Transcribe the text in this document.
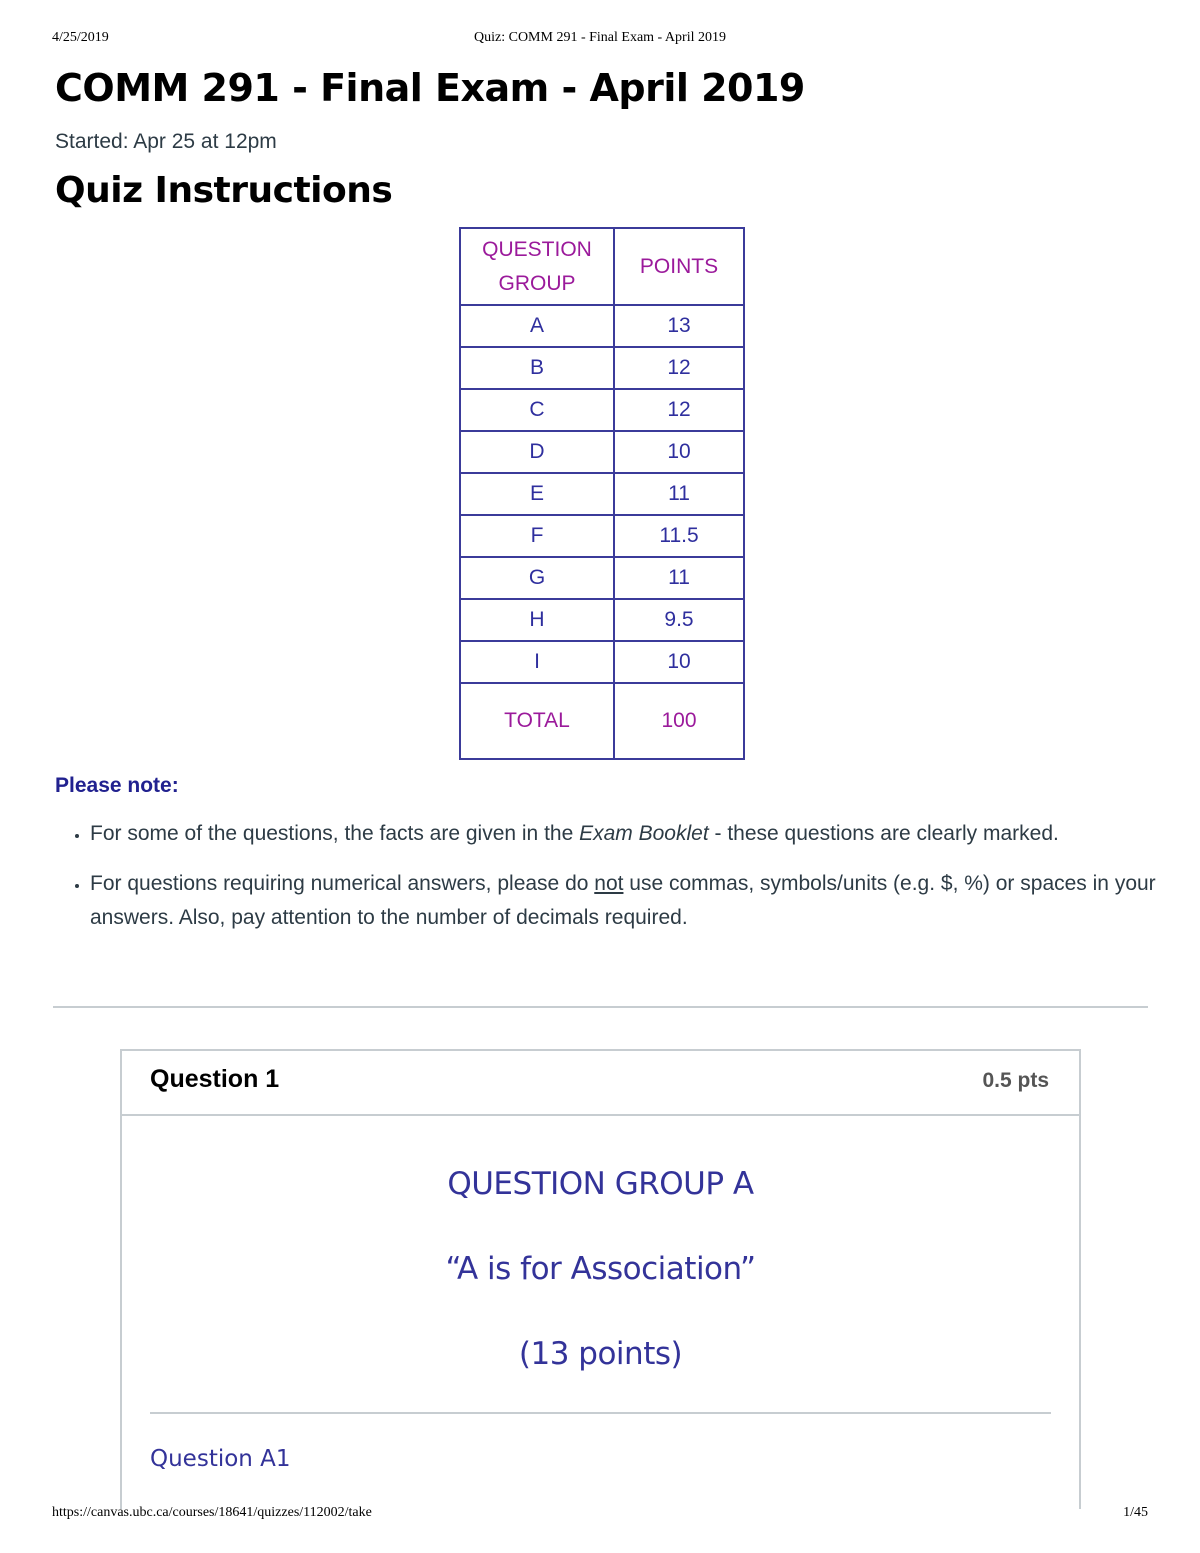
4/25/2019	Quiz: COMM 291 - Final Exam - April 2019
COMM 291 - Final Exam - April 2019
Started: Apr 25 at 12pm
Quiz Instructions
QUESTION
GROUP	POINTS
A	13
B	12
C	12
D	10
E	11
F	11.5
G	11
H	9.5
I	10
TOTAL	100
Please note:
• For some of the questions, the facts are given in the Exam Booklet - these questions are clearly marked.
• For questions requiring numerical answers, please do not use commas, symbols/units (e.g. $, %) or spaces in your answers. Also, pay attention to the number of decimals required.
Question 1	0.5 pts
QUESTION GROUP A
“A is for Association”
(13 points)
Question A1
https://canvas.ubc.ca/courses/18641/quizzes/112002/take	1/45
